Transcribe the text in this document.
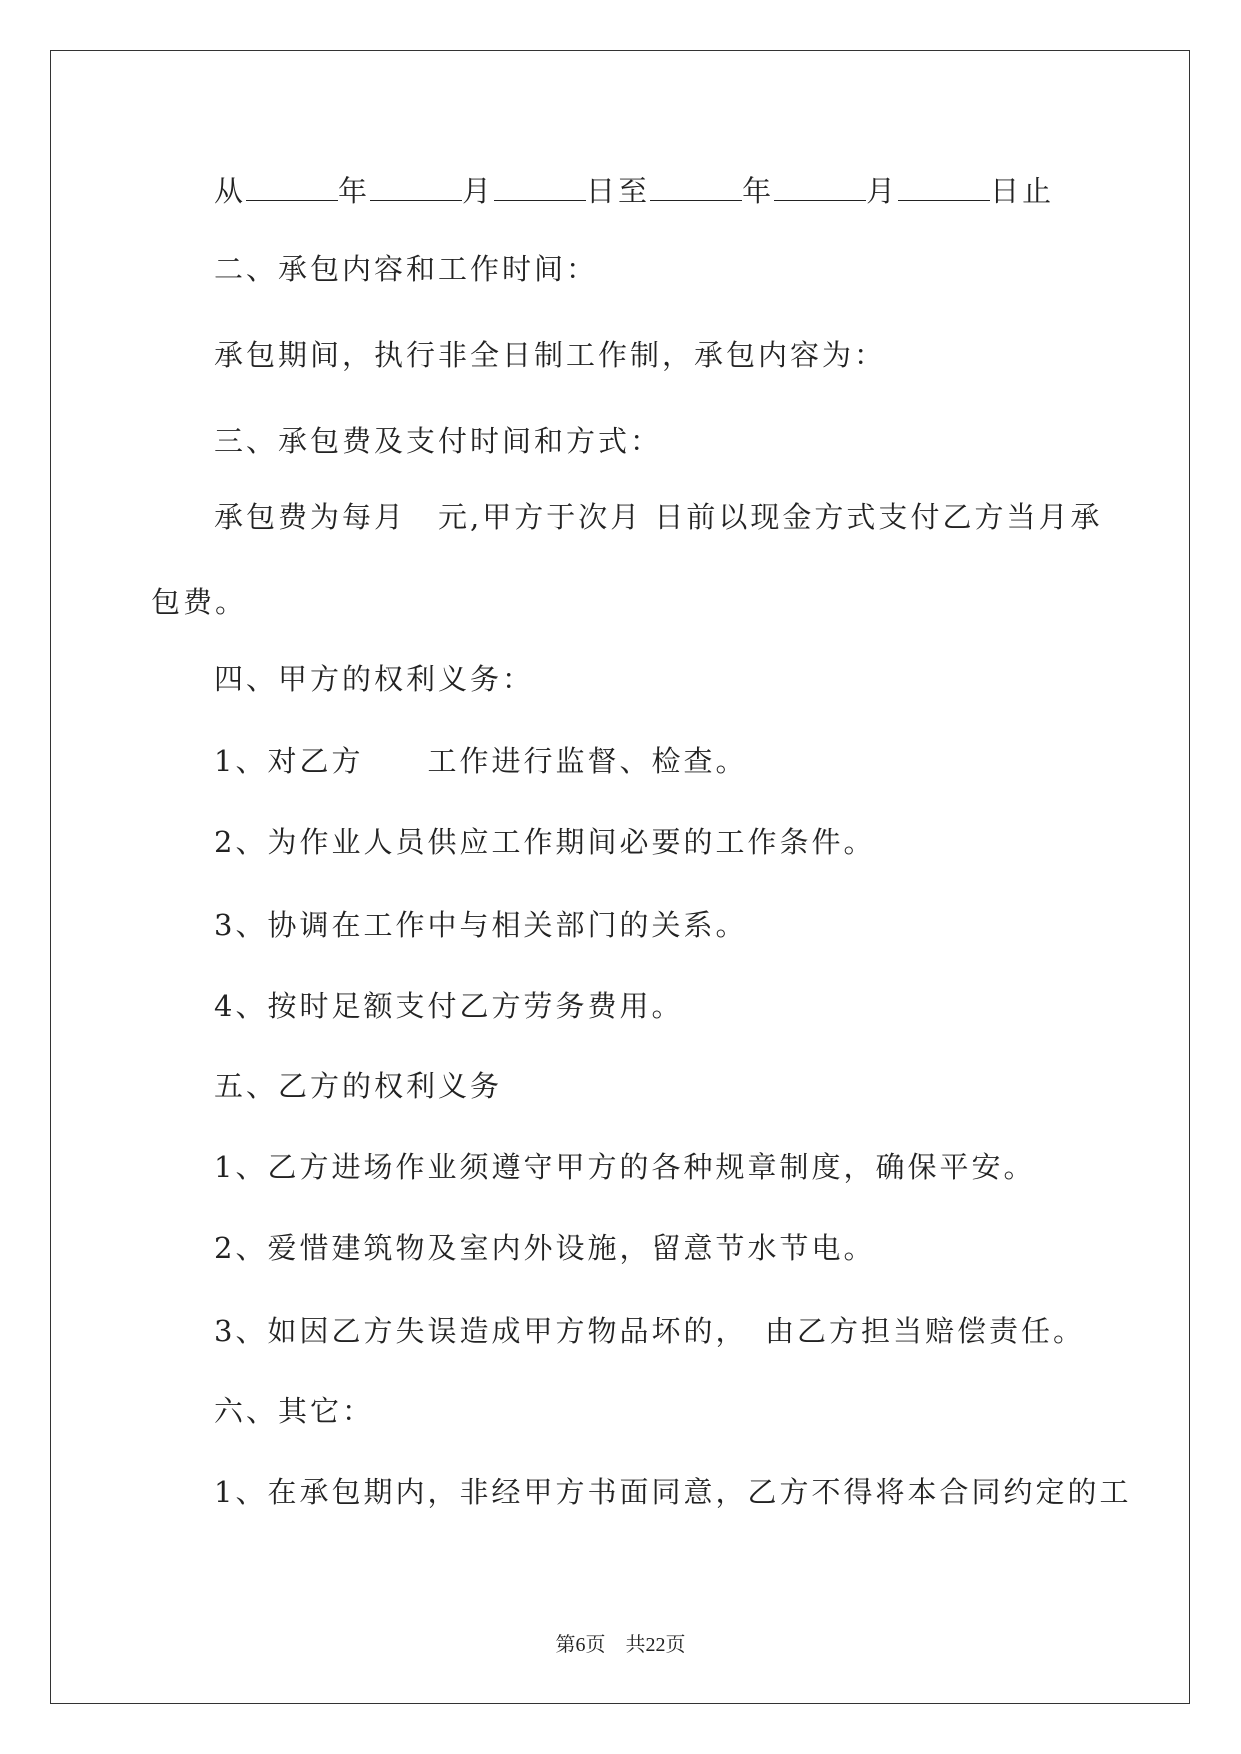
从	年	月	日至	年	月	日止
二、承包内容和工作时间：
承包期间，执行非全日制工作制，承包内容为：
三、承包费及支付时间和方式：
承包费为每月　元,甲方于次月 日前以现金方式支付乙方当月承
包费。
四、甲方的权利义务：
1、对乙方　　工作进行监督、检查。
2、为作业人员供应工作期间必要的工作条件。
3、协调在工作中与相关部门的关系。
4、按时足额支付乙方劳务费用。
五、乙方的权利义务
1、乙方进场作业须遵守甲方的各种规章制度，确保平安。
2、爱惜建筑物及室内外设施，留意节水节电。
3、如因乙方失误造成甲方物品坏的，　由乙方担当赔偿责任。
六、其它：
1、在承包期内，非经甲方书面同意，乙方不得将本合同约定的工
第6页　共22页
